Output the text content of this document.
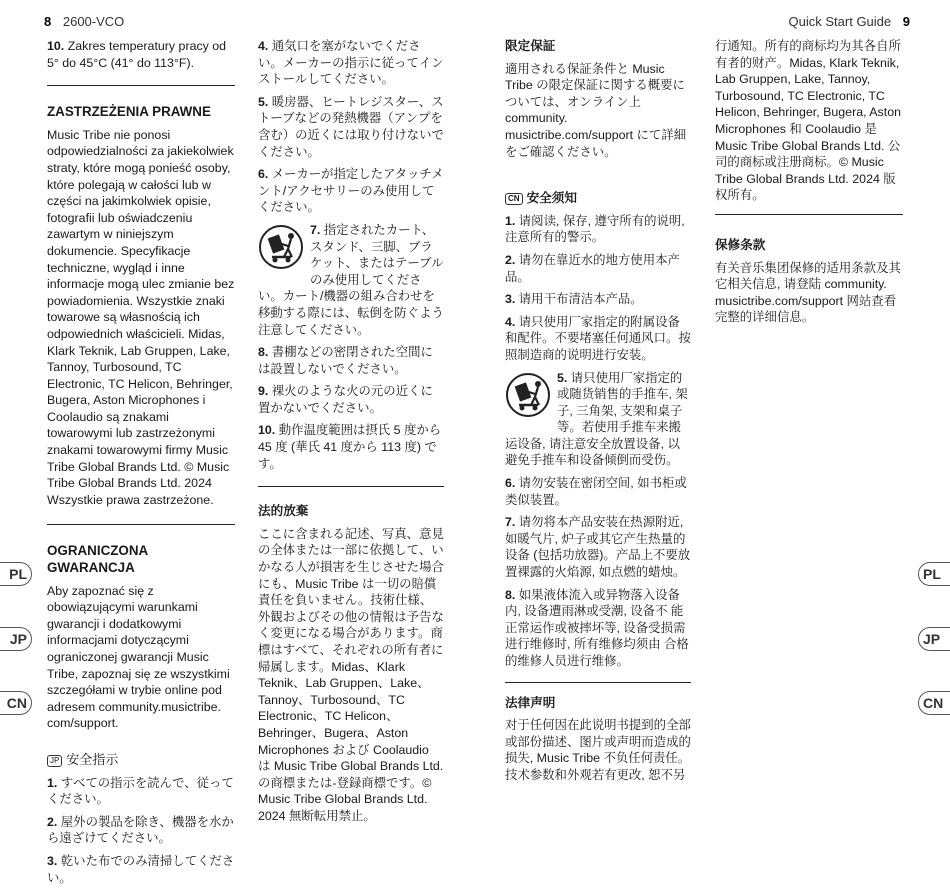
8 2600-VCO	Quick Start Guide 9

10. Zakres temperatury pracy od 5° do 45°C (41° do 113°F).

ZASTRZEŻENIA PRAWNE

Music Tribe nie ponosi odpowiedzialności za jakiekolwiek straty, które mogą ponieść osoby, które polegają w całości lub w części na jakimkolwiek opisie, fotografii lub oświadczeniu zawartym w niniejszym dokumencie. Specyfikacje techniczne, wygląd i inne informacje mogą ulec zmianie bez powiadomienia. Wszystkie znaki towarowe są własnością ich odpowiednich właścicieli. Midas, Klark Teknik, Lab Gruppen, Lake, Tannoy, Turbosound, TC Electronic, TC Helicon, Behringer, Bugera, Aston Microphones i Coolaudio są znakami towarowymi lub zastrzeżonymi znakami towarowymi firmy Music Tribe Global Brands Ltd. © Music Tribe Global Brands Ltd. 2024 Wszystkie prawa zastrzeżone.

OGRANICZONA GWARANCJA

Aby zapoznać się z obowiązującymi warunkami gwarancji i dodatkowymi informacjami dotyczącymi ograniczonej gwarancji Music Tribe, zapoznaj się ze wszystkimi szczegółami w trybie online pod adresem community.musictribe. com/support.

JP 安全指示

1. すべての指示を読んで、従ってください。

2. 屋外の製品を除き、機器を水から遠ざけてください。

3. 乾いた布でのみ清掃してください。

4. 通気口を塞がないでください。メーカーの指示に従ってインストールしてください。

5. 暖房器、ヒートレジスター、ストーブなどの発熱機器（アンプを含む）の近くには取り付けないでください。

6. メーカーが指定したアタッチメント/アクセサリーのみ使用してください。

7. 指定されたカート、スタンド、三脚、ブラケット、またはテーブルのみ使用してください。カート/機器の組み合わせを移動する際には、転倒を防ぐよう注意してください。

8. 書棚などの密閉された空間には設置しないでください。

9. 裸火のような火の元の近くに置かないでください。

10. 動作温度範囲は摂氏 5 度から 45 度 (華氏 41 度から 113 度) です。

法的放棄

ここに含まれる記述、写真、意見の全体または一部に依拠して、いかなる人が損害を生じさせた場合にも、Music Tribe は一切の賠償責任を負いません。技術仕様、外観およびその他の情報は予告なく変更になる場合があります。商標はすべて、それぞれの所有者に帰属します。Midas、Klark Teknik、Lab Gruppen、Lake、Tannoy、Turbosound、TC Electronic、TC Helicon、Behringer、Bugera、Aston Microphones および Coolaudio は Music Tribe Global Brands Ltd. の商標または-登録商標です。© Music Tribe Global Brands Ltd. 2024 無断転用禁止。

限定保証

適用される保証条件と Music Tribe の限定保証に関する概要については、オンライン上 community. musictribe.com/support にて詳細をご確認ください。

CN 安全须知

1. 请阅读, 保存, 遵守所有的说明, 注意所有的警示。

2. 请勿在靠近水的地方使用本产品。

3. 请用干布清洁本产品。

4. 请只使用厂家指定的附属设备和配件。不要堵塞任何通风口。按照制造商的说明进行安装。

5. 请只使用厂家指定的或随货销售的手推车, 架子, 三角架, 支架和桌子等。若使用手推车来搬运设备, 请注意安全放置设备, 以避免手推车和设备倾倒而受伤。

6. 请勿安装在密闭空间, 如书柜或类似装置。

7. 请勿将本产品安装在热源附近, 如暖气片, 炉子或其它产生热量的设备 (包括功放器)。产品上不要放置裸露的火焰源, 如点燃的蜡烛。

8. 如果液体流入或异物落入设备内, 设备遭雨淋或受潮, 设备不 能正常运作或被摔坏等, 设备受损需进行维修时, 所有维修均须由 合格的维修人员进行维修。

法律声明

对于任何因在此说明书提到的全部或部份描述、图片或声明而造成的损失, Music Tribe 不负任何责任。技术参数和外观若有更改, 恕不另

行通知。所有的商标均为其各自所有者的财产。Midas, Klark Teknik, Lab Gruppen, Lake, Tannoy, Turbosound, TC Electronic, TC Helicon, Behringer, Bugera, Aston Microphones 和 Coolaudio 是 Music Tribe Global Brands Ltd. 公司的商标或注册商标。© Music Tribe Global Brands Ltd. 2024 版权所有。

保修条款

有关音乐集团保修的适用条款及其它相关信息, 请登陆 community. musictribe.com/support 网站查看完整的详细信息。

PL
JP
CN
PL
JP
CN
